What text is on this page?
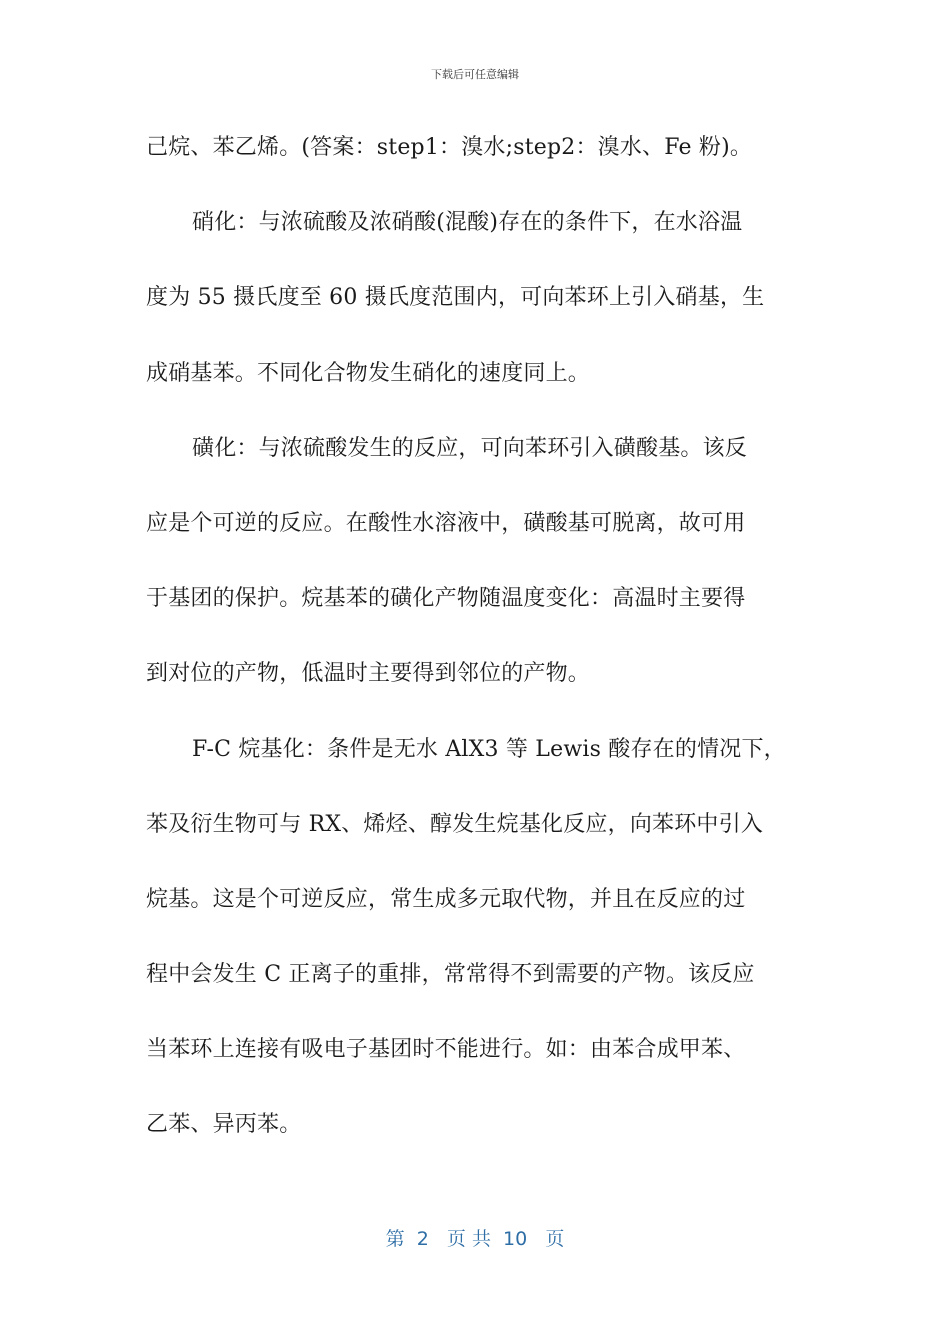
下载后可任意编辑
己烷、苯乙烯。(答案：step1：溴水;step2：溴水、Fe 粉)。
硝化：与浓硫酸及浓硝酸(混酸)存在的条件下，在水浴温
度为 55 摄氏度至 60 摄氏度范围内，可向苯环上引入硝基，生
成硝基苯。不同化合物发生硝化的速度同上。
磺化：与浓硫酸发生的反应，可向苯环引入磺酸基。该反
应是个可逆的反应。在酸性水溶液中，磺酸基可脱离，故可用
于基团的保护。烷基苯的磺化产物随温度变化：高温时主要得
到对位的产物，低温时主要得到邻位的产物。
F-C 烷基化：条件是无水 AlX3 等 Lewis 酸存在的情况下，
苯及衍生物可与 RX、烯烃、醇发生烷基化反应，向苯环中引入
烷基。这是个可逆反应，常生成多元取代物，并且在反应的过
程中会发生 C 正离子的重排，常常得不到需要的产物。该反应
当苯环上连接有吸电子基团时不能进行。如：由苯合成甲苯、
乙苯、异丙苯。
第  2   页 共  10   页
